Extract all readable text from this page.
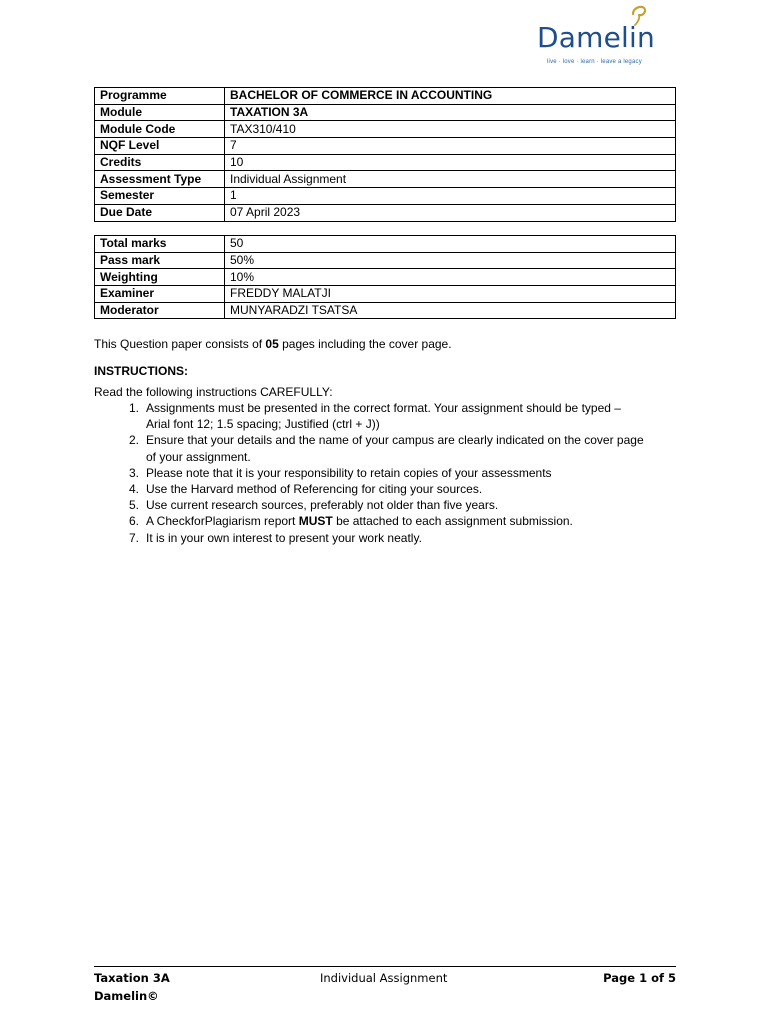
Damelin
live · love · learn · leave a legacy
Programme	BACHELOR OF COMMERCE IN ACCOUNTING
Module	TAXATION 3A
Module Code	TAX310/410
NQF Level	7
Credits	10
Assessment Type	Individual Assignment
Semester	1
Due Date	07 April 2023
Total marks	50
Pass mark	50%
Weighting	10%
Examiner	FREDDY MALATJI
Moderator	MUNYARADZI TSATSA
This Question paper consists of 05 pages including the cover page.
INSTRUCTIONS:
Read the following instructions CAREFULLY:
1. Assignments must be presented in the correct format. Your assignment should be typed –
Arial font 12; 1.5 spacing; Justified (ctrl + J))
2. Ensure that your details and the name of your campus are clearly indicated on the cover page
of your assignment.
3. Please note that it is your responsibility to retain copies of your assessments
4. Use the Harvard method of Referencing for citing your sources.
5. Use current research sources, preferably not older than five years.
6. A CheckforPlagiarism report MUST be attached to each assignment submission.
7. It is in your own interest to present your work neatly.
Taxation 3A	Individual Assignment	Page 1 of 5
Damelin©
